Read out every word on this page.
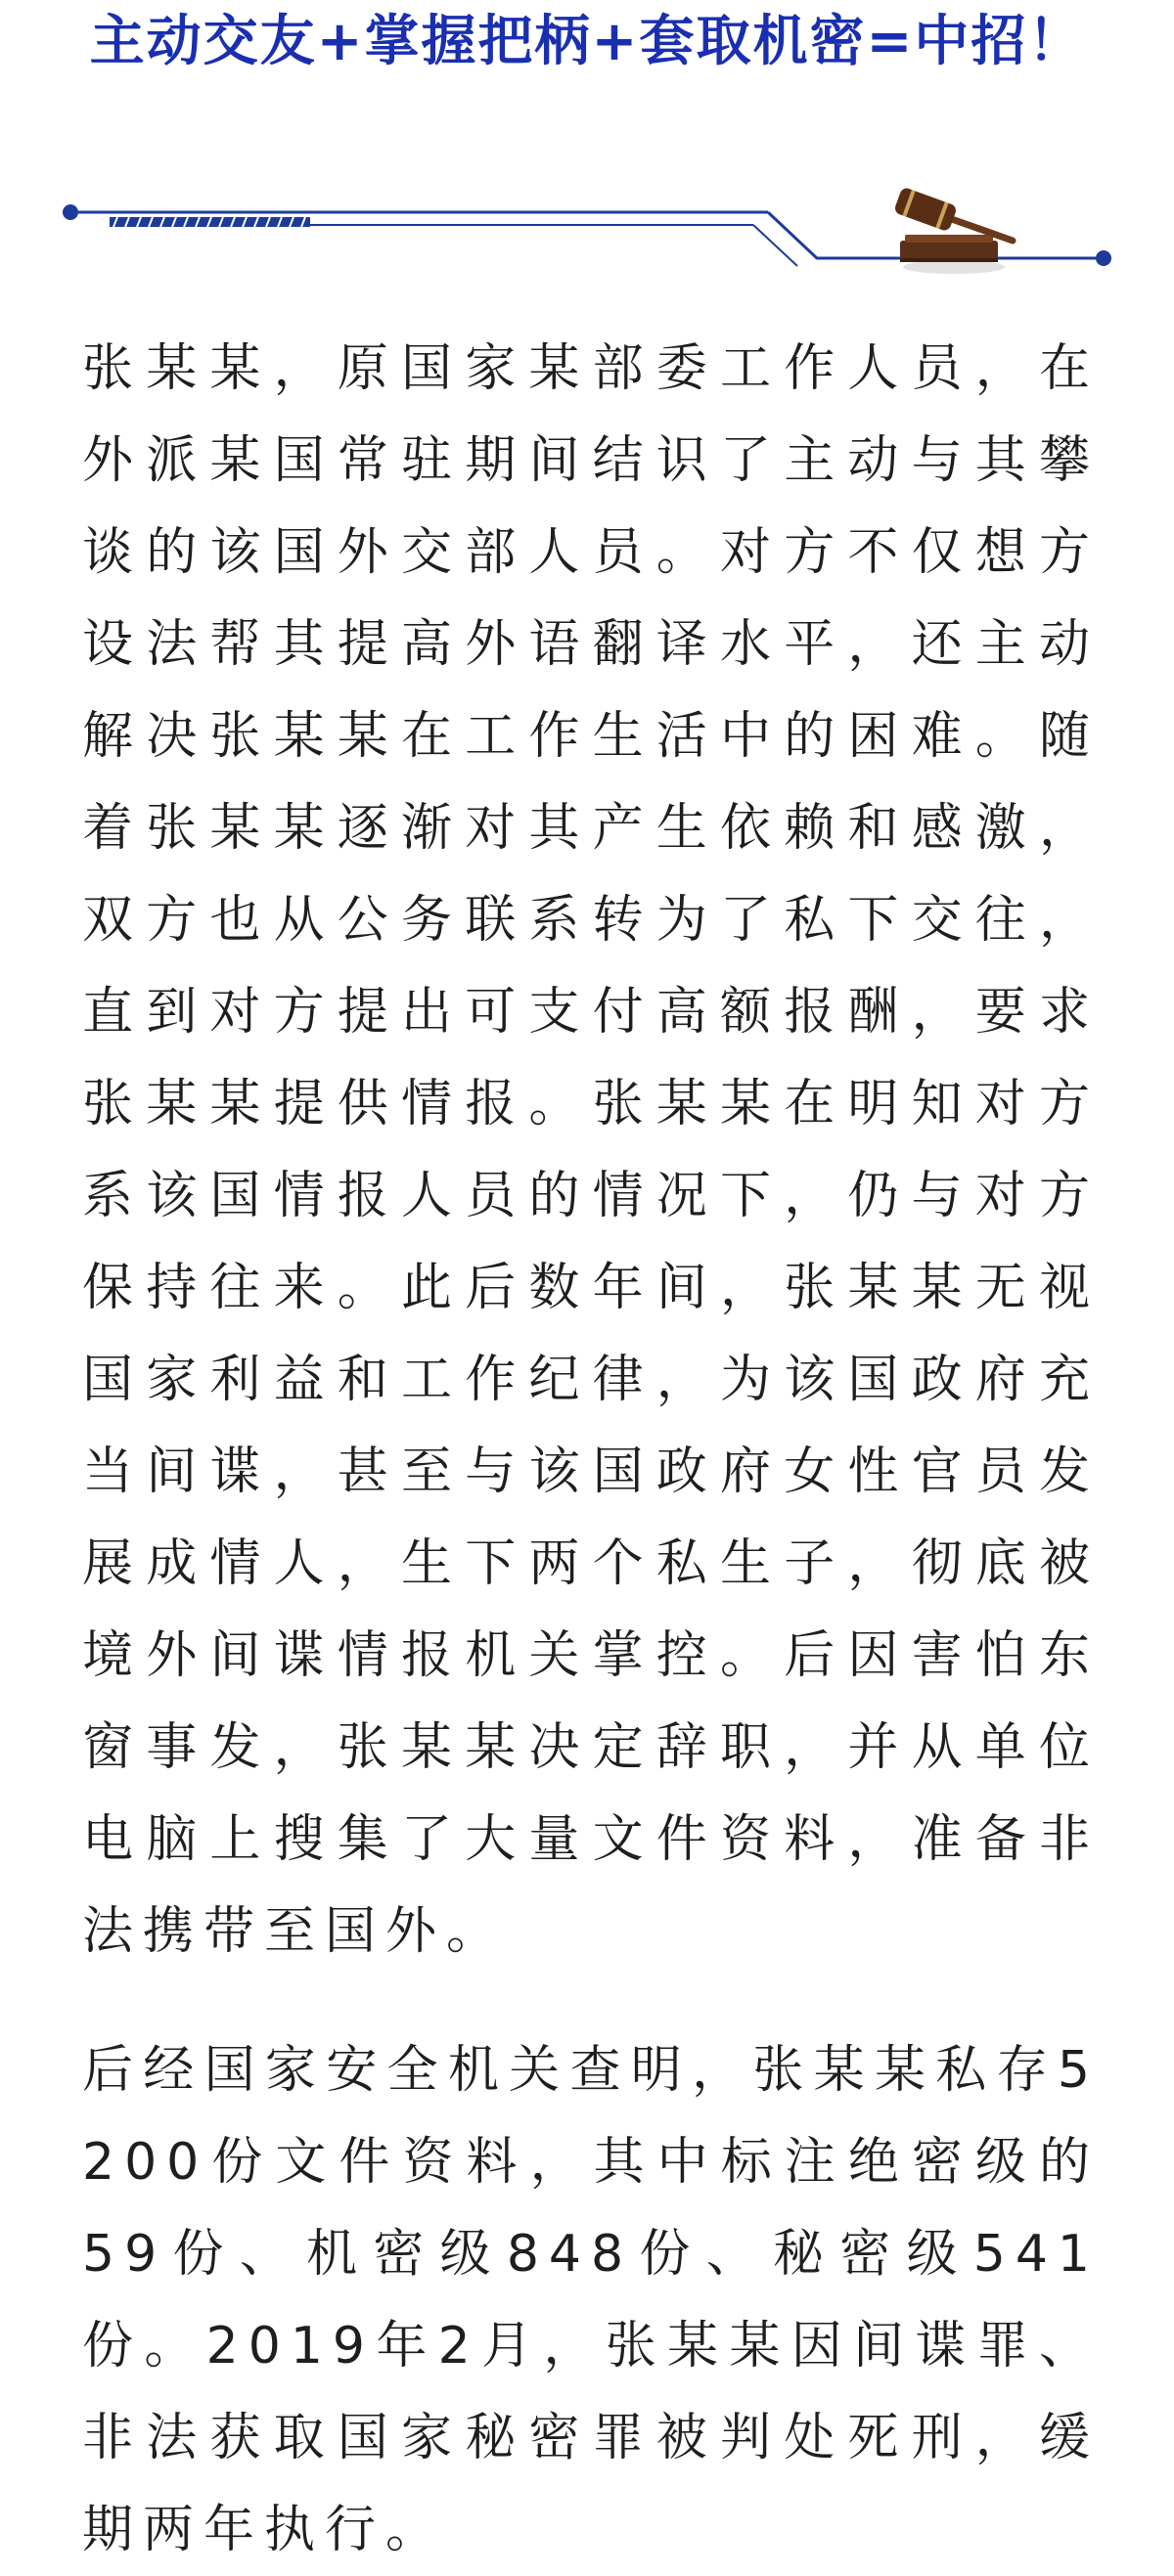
主动交友+掌握把柄+套取机密=中招！

张某某，原国家某部委工作人员，在外派某国常驻期间结识了主动与其攀谈的该国外交部人员。对方不仅想方设法帮其提高外语翻译水平，还主动解决张某某在工作生活中的困难。随着张某某逐渐对其产生依赖和感激，双方也从公务联系转为了私下交往，直到对方提出可支付高额报酬，要求张某某提供情报。张某某在明知对方系该国情报人员的情况下，仍与对方保持往来。此后数年间，张某某无视国家利益和工作纪律，为该国政府充当间谍，甚至与该国政府女性官员发展成情人，生下两个私生子，彻底被境外间谍情报机关掌控。后因害怕东窗事发，张某某决定辞职，并从单位电脑上搜集了大量文件资料，准备非法携带至国外。

后经国家安全机关查明，张某某私存5200份文件资料，其中标注绝密级的59份、机密级848份、秘密级541份。2019年2月，张某某因间谍罪、非法获取国家秘密罪被判处死刑，缓期两年执行。
